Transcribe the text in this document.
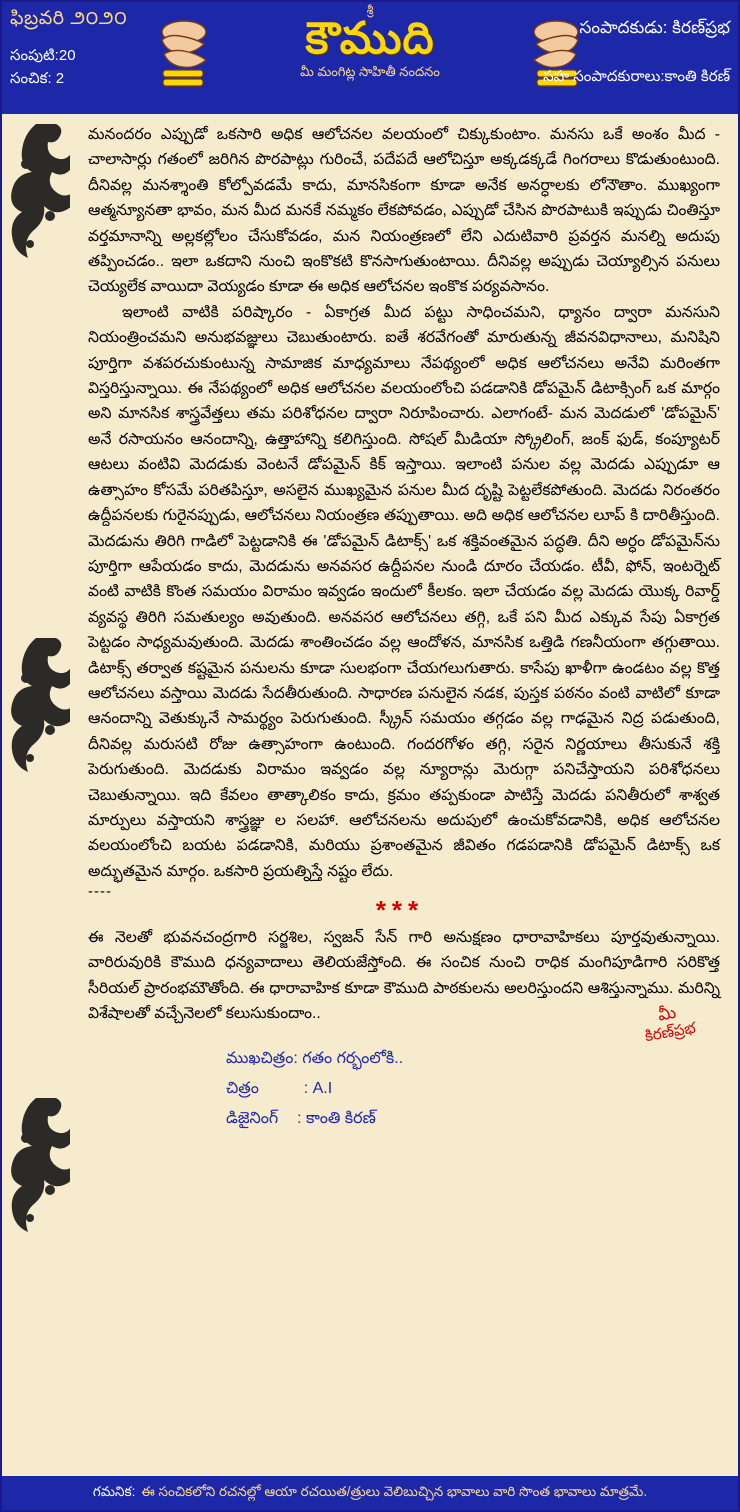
ఫిబ్రవరి ౨౦౨౦
సంపుటి:20
సంచిక: 2
శ్రీ
కౌముది
మీ మంగిట్ల సాహితీ నందనం
సంపాదకుడు: కిరణ్‌ప్రభ
సహ సంపాదకురాలు:కాంతి కిరణ్

మనందరం ఎప్పుడో ఒకసారి అధిక ఆలోచనల వలయంలో చిక్కుకుంటాం. మనసు ఒకే అంశం మీద - చాలాసార్లు గతంలో జరిగిన పొరపాట్లు గురించే, పదేపదే ఆలోచిస్తూ అక్కడక్కడే గింగరాలు కొడుతుంటుంది. దీనివల్ల మనశ్శాంతి కోల్పోవడమే కాదు, మానసికంగా కూడా అనేక అనర్ధాలకు లోనౌతాం. ముఖ్యంగా ఆత్మన్యూనతా భావం, మన మీద మనకే నమ్మకం లేకపోవడం, ఎప్పుడో చేసిన పొరపాటుకి ఇప్పుడు చింతిస్తూ వర్తమానాన్ని అల్లకల్లోలం చేసుకోవడం, మన నియంత్రణలో లేని ఎదుటివారి ప్రవర్తన మనల్ని అదుపు తప్పించడం.. ఇలా ఒకదాని నుంచి ఇంకొకటి కొనసాగుతుంటాయి. దీనివల్ల అప్పుడు చెయ్యాల్సిన పనులు చెయ్యలేక వాయిదా వెయ్యడం కూడా ఈ అధిక ఆలోచనల ఇంకొక పర్యవసానం.

ఇలాంటి వాటికి పరిష్కారం - ఏకాగ్రత మీద పట్టు సాధించమని, ధ్యానం ద్వారా మనసుని నియంత్రించమని అనుభవజ్ఞులు చెబుతుంటారు. ఐతే శరవేగంతో మారుతున్న జీవనవిధానాలు, మనిషిని పూర్తిగా వశపరచుకుంటున్న సామాజిక మాధ్యమాలు నేపథ్యంలో అధిక ఆలోచనలు అనేవి మరింతగా విస్తరిస్తున్నాయి. ఈ నేపథ్యంలో అధిక ఆలోచనల వలయంలోంచి పడడానికి డోపమైన్ డిటాక్సింగ్ ఒక మార్గం అని మానసిక శాస్త్రవేత్తలు తమ పరిశోధనల ద్వారా నిరూపించారు. ఎలాగంటే- మన మెదడులో 'డోపమైన్' అనే రసాయనం ఆనందాన్ని, ఉత్తాహాన్ని కలిగిస్తుంది. సోషల్ మీడియా స్క్రోలింగ్, జంక్ ఫుడ్, కంప్యూటర్ ఆటలు వంటివి మెదడుకు వెంటనే డోపమైన్ కిక్ ఇస్తాయి. ఇలాంటి పనుల వల్ల మెదడు ఎప్పుడూ ఆ ఉత్సాహం కోసమే పరితపిస్తూ, అసలైన ముఖ్యమైన పనుల మీద దృష్టి పెట్టలేకపోతుంది. మెదడు నిరంతరం ఉద్దీపనలకు గురైనప్పుడు, ఆలోచనలు నియంత్రణ తప్పుతాయి. అది అధిక ఆలోచనల లూప్ కి దారితీస్తుంది. మెదడును తిరిగి గాడిలో పెట్టడానికి ఈ 'డోపమైన్ డిటాక్స్' ఒక శక్తివంతమైన పద్ధతి. దీని అర్ధం డోపమైన్‌ను పూర్తిగా ఆపేయడం కాదు, మెదడును అనవసర ఉద్దీపనల నుండి దూరం చేయడం. టీవీ, ఫోన్, ఇంటర్నెట్ వంటి వాటికి కొంత సమయం విరామం ఇవ్వడం ఇందులో కీలకం. ఇలా చేయడం వల్ల మెదడు యొక్క రివార్డ్ వ్యవస్థ తిరిగి సమతుల్యం అవుతుంది. అనవసర ఆలోచనలు తగ్గి, ఒకే పని మీద ఎక్కువ సేపు ఏకాగ్రత పెట్టడం సాధ్యమవుతుంది. మెదడు శాంతించడం వల్ల ఆందోళన, మానసిక ఒత్తిడి గణనీయంగా తగ్గుతాయి. డిటాక్స్ తర్వాత కష్టమైన పనులను కూడా సులభంగా చేయగలుగుతారు. కాసేపు ఖాళీగా ఉండటం వల్ల కొత్త ఆలోచనలు వస్తాయి మెదడు సేదతీరుతుంది. సాధారణ పనులైన నడక, పుస్తక పఠనం వంటి వాటిలో కూడా ఆనందాన్ని వెతుక్కునే సామర్థ్యం పెరుగుతుంది. స్క్రీన్ సమయం తగ్గడం వల్ల గాఢమైన నిద్ర పడుతుంది, దీనివల్ల మరుసటి రోజు ఉత్సాహంగా ఉంటుంది. గందరగోళం తగ్గి, సరైన నిర్ణయాలు తీసుకునే శక్తి పెరుగుతుంది. మెదడుకు విరామం ఇవ్వడం వల్ల న్యూరాన్లు మెరుగ్గా పనిచేస్తాయని పరిశోధనలు చెబుతున్నాయి. ఇది కేవలం తాత్కాలికం కాదు, క్రమం తప్పకుండా పాటిస్తే మెదడు పనితీరులో శాశ్వత మార్పులు వస్తాయని శాస్త్రజ్ఞు ల సలహా. ఆలోచనలను అదుపులో ఉంచుకోవడానికి, అధిక ఆలోచనల వలయంలోంచి బయట పడడానికి, మరియు ప్రశాంతమైన జీవితం గడపడానికి డోపమైన్ డిటాక్స్ ఒక అద్భుతమైన మార్గం. ఒకసారి ప్రయత్నిస్తే నష్టం లేదు.

----
***

ఈ నెలతో భువనచంద్రగారి సర్జశిల, స్వజన్ సేన్ గారి అనుక్షణం ధారావాహికలు పూర్తవుతున్నాయి. వారిరువురికి కౌముది ధన్యవాదాలు తెలియజేస్తోంది. ఈ సంచిక నుంచి రాధిక మంగిపూడిగారి సరికొత్త సీరియల్ ప్రారంభమౌతోంది. ఈ ధారావాహిక కూడా కౌముది పాఠకులను అలరిస్తుందని ఆశిస్తున్నాము. మరిన్ని విశేషాలతో వచ్చేనెలలో కలుసుకుందాం..	మీ
కిరణ్‌ప్రభ
ముఖచిత్రం: గతం గర్భంలోకి..
చిత్రం	: A.I
డిజైనింగ్ : కాంతి కిరణ్
గమనిక: ఈ సంచికలోని రచనల్లో ఆయా రచయిత/త్రులు వెలిబుచ్చిన భావాలు వారి సొంత భావాలు మాత్రమే.
